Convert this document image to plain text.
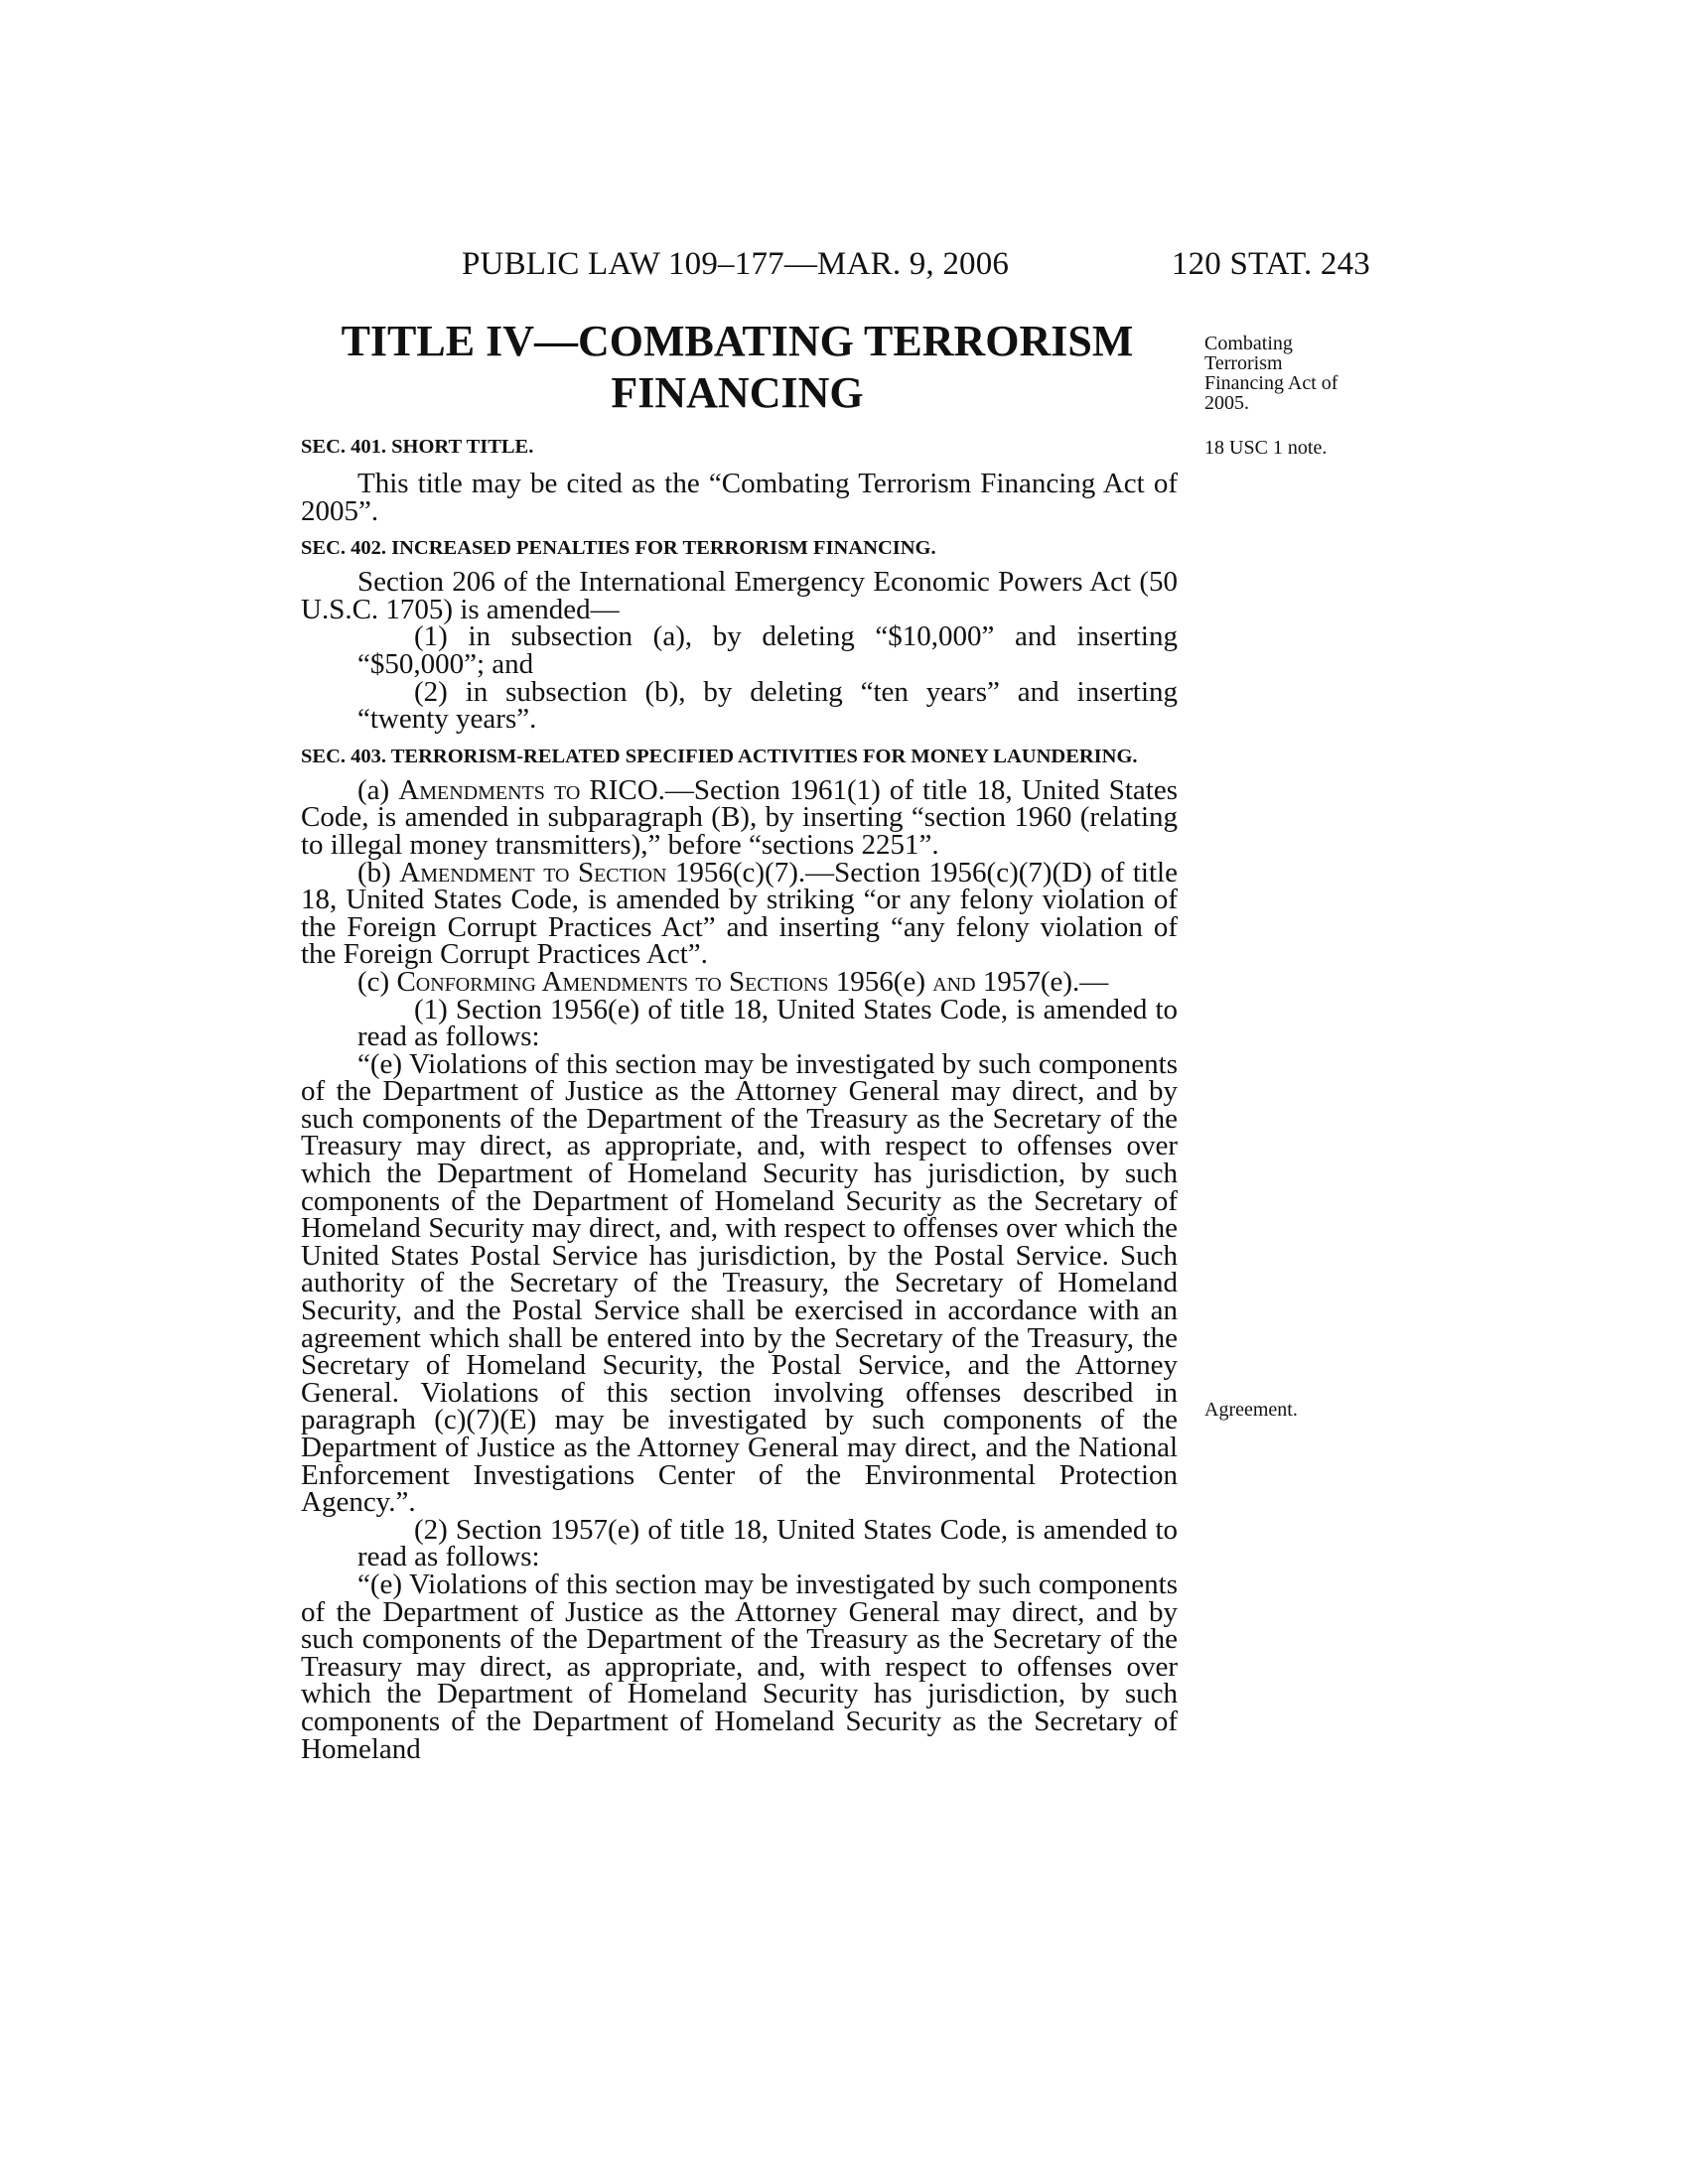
PUBLIC LAW 109–177—MAR. 9, 2006	120 STAT. 243
TITLE IV—COMBATING TERRORISM
FINANCING
Combating
Terrorism
Financing Act of
2005.
18 USC 1 note.
Agreement.

SEC. 401. SHORT TITLE.

This title may be cited as the “Combating Terrorism Financing Act of 2005”.

SEC. 402. INCREASED PENALTIES FOR TERRORISM FINANCING.

Section 206 of the International Emergency Economic Powers Act (50 U.S.C. 1705) is amended—

(1) in subsection (a), by deleting “$10,000” and inserting “$50,000”; and

(2) in subsection (b), by deleting “ten years” and inserting “twenty years”.

SEC. 403. TERRORISM-RELATED SPECIFIED ACTIVITIES FOR MONEY LAUNDERING.

(a) Amendments to RICO.—Section 1961(1) of title 18, United States Code, is amended in subparagraph (B), by inserting “section 1960 (relating to illegal money transmitters),” before “sections 2251”.

(b) Amendment to Section 1956(c)(7).—Section 1956(c)(7)(D) of title 18, United States Code, is amended by striking “or any felony violation of the Foreign Corrupt Practices Act” and inserting “any felony violation of the Foreign Corrupt Practices Act”.

(c) Conforming Amendments to Sections 1956(e) and 1957(e).—

(1) Section 1956(e) of title 18, United States Code, is amended to read as follows:

“(e) Violations of this section may be investigated by such components of the Department of Justice as the Attorney General may direct, and by such components of the Department of the Treasury as the Secretary of the Treasury may direct, as appropriate, and, with respect to offenses over which the Department of Homeland Security has jurisdiction, by such components of the Department of Homeland Security as the Secretary of Homeland Security may direct, and, with respect to offenses over which the United States Postal Service has jurisdiction, by the Postal Service. Such authority of the Secretary of the Treasury, the Secretary of Homeland Security, and the Postal Service shall be exercised in accordance with an agreement which shall be entered into by the Secretary of the Treasury, the Secretary of Homeland Security, the Postal Service, and the Attorney General. Violations of this section involving offenses described in paragraph (c)(7)(E) may be investigated by such components of the Department of Justice as the Attorney General may direct, and the National Enforcement Investigations Center of the Environmental Protection Agency.”.

(2) Section 1957(e) of title 18, United States Code, is amended to read as follows:

“(e) Violations of this section may be investigated by such components of the Department of Justice as the Attorney General may direct, and by such components of the Department of the Treasury as the Secretary of the Treasury may direct, as appropriate, and, with respect to offenses over which the Department of Homeland Security has jurisdiction, by such components of the Department of Homeland Security as the Secretary of Homeland
